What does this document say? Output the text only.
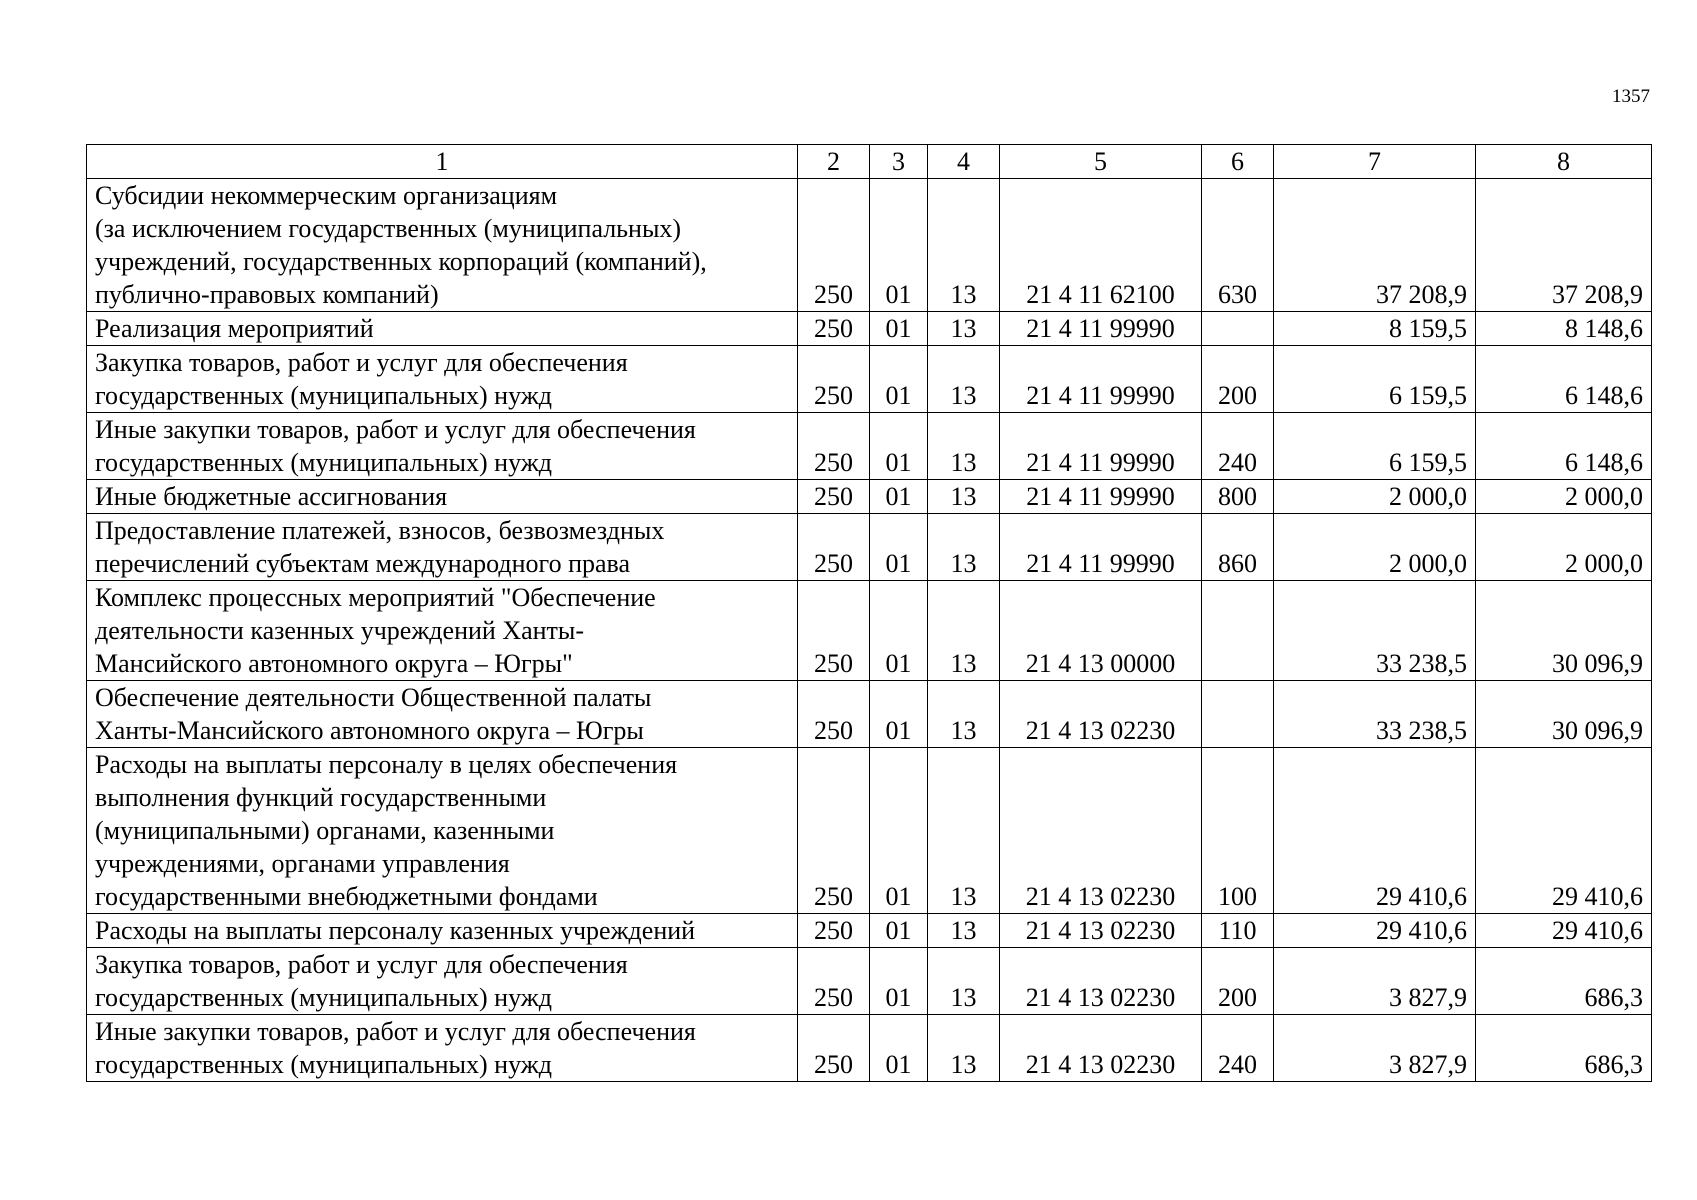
1357
1	2	3	4	5	6	7	8
Субсидии некоммерческим организациям
(за исключением государственных (муниципальных)
учреждений, государственных корпораций (компаний),
публично-правовых компаний)	250	01	13	21 4 11 62100	630	37 208,9	37 208,9
Реализация мероприятий	250	01	13	21 4 11 99990		8 159,5	8 148,6
Закупка товаров, работ и услуг для обеспечения
государственных (муниципальных) нужд	250	01	13	21 4 11 99990	200	6 159,5	6 148,6
Иные закупки товаров, работ и услуг для обеспечения
государственных (муниципальных) нужд	250	01	13	21 4 11 99990	240	6 159,5	6 148,6
Иные бюджетные ассигнования	250	01	13	21 4 11 99990	800	2 000,0	2 000,0
Предоставление платежей, взносов, безвозмездных
перечислений субъектам международного права	250	01	13	21 4 11 99990	860	2 000,0	2 000,0
Комплекс процессных мероприятий "Обеспечение
деятельности казенных учреждений Ханты-
Мансийского автономного округа – Югры"	250	01	13	21 4 13 00000		33 238,5	30 096,9
Обеспечение деятельности Общественной палаты
Ханты-Мансийского автономного округа – Югры	250	01	13	21 4 13 02230		33 238,5	30 096,9
Расходы на выплаты персоналу в целях обеспечения
выполнения функций государственными
(муниципальными) органами, казенными
учреждениями, органами управления
государственными внебюджетными фондами	250	01	13	21 4 13 02230	100	29 410,6	29 410,6
Расходы на выплаты персоналу казенных учреждений	250	01	13	21 4 13 02230	110	29 410,6	29 410,6
Закупка товаров, работ и услуг для обеспечения
государственных (муниципальных) нужд	250	01	13	21 4 13 02230	200	3 827,9	686,3
Иные закупки товаров, работ и услуг для обеспечения
государственных (муниципальных) нужд	250	01	13	21 4 13 02230	240	3 827,9	686,3
